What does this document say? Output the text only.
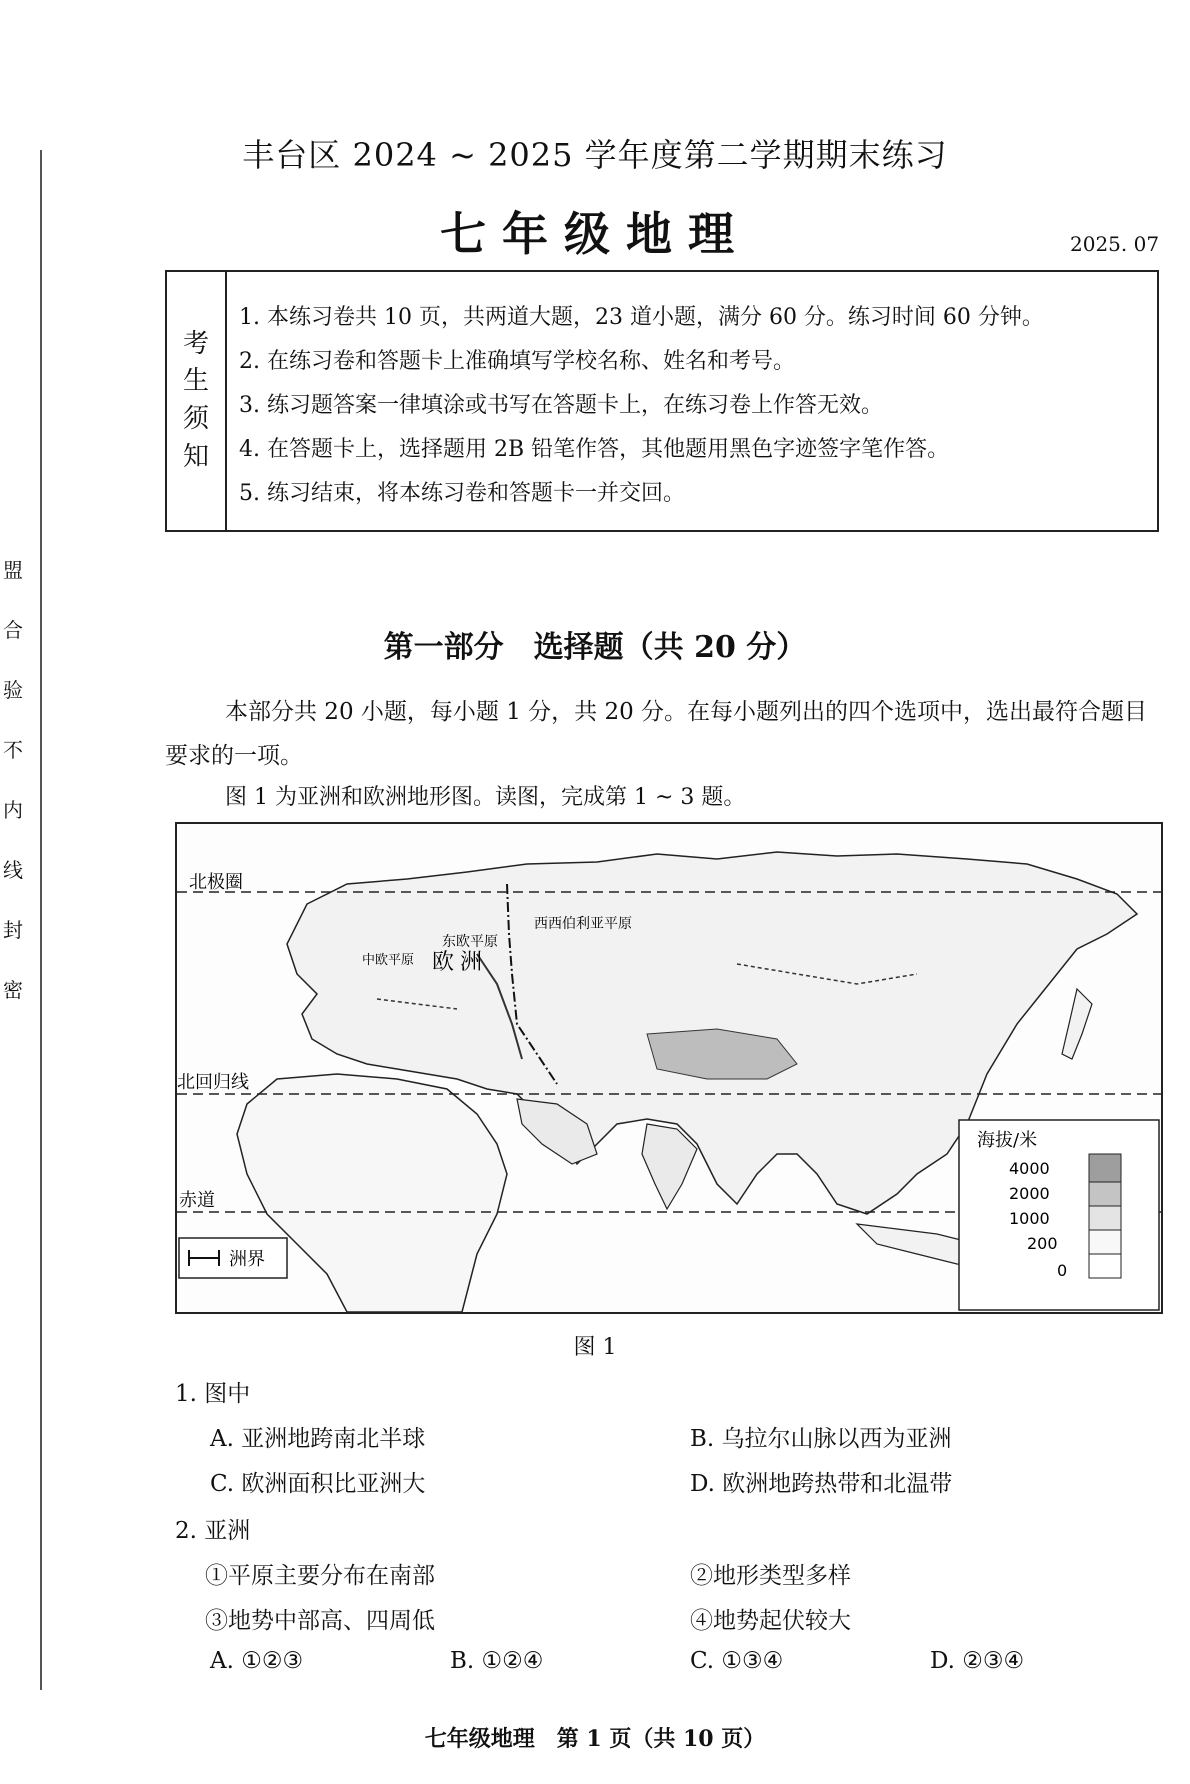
盟
合
验
不
内
线
封
密
丰台区 2024 ~ 2025 学年度第二学期期末练习
七年级地理	2025. 07
考
生
须
知
1. 本练习卷共 10 页，共两道大题，23 道小题，满分 60 分。练习时间 60 分钟。
2. 在练习卷和答题卡上准确填写学校名称、姓名和考号。
3. 练习题答案一律填涂或书写在答题卡上，在练习卷上作答无效。
4. 在答题卡上，选择题用 2B 铅笔作答，其他题用黑色字迹签字笔作答。
5. 练习结束，将本练习卷和答题卡一并交回。
第一部分　选择题（共 20 分）
本部分共 20 小题，每小题 1 分，共 20 分。在每小题列出的四个选项中，选出最符合题目要求的一项。
图 1 为亚洲和欧洲地形图。读图，完成第 1 ~ 3 题。
北极圈
北回归线
赤道
东欧平原
西西伯利亚平原
欧洲
中欧平原
海拔/米
4000
2000
1000
200
0
洲界
图 1
1. 图中
A. 亚洲地跨南北半球	B. 乌拉尔山脉以西为亚洲
C. 欧洲面积比亚洲大	D. 欧洲地跨热带和北温带
2. 亚洲
①平原主要分布在南部	②地形类型多样
③地势中部高、四周低	④地势起伏较大
A. ①②③	B. ①②④	C. ①③④	D. ②③④
七年级地理　第 1 页（共 10 页）
